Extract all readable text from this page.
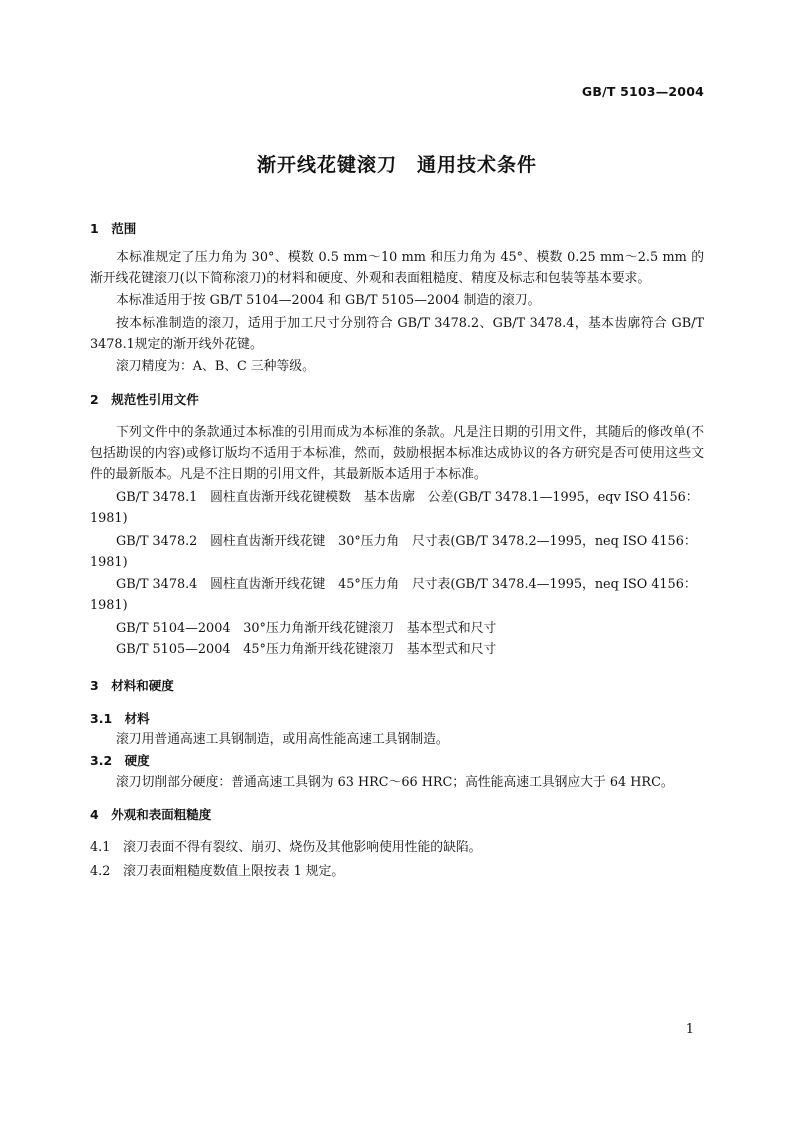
GB/T 5103—2004
渐开线花键滚刀　通用技术条件
1　范围
本标准规定了压力角为 30°、模数 0.5 mm～10 mm 和压力角为 45°、模数 0.25 mm～2.5 mm 的渐开线花键滚刀(以下简称滚刀)的材料和硬度、外观和表面粗糙度、精度及标志和包装等基本要求。
本标准适用于按 GB/T 5104—2004 和 GB/T 5105—2004 制造的滚刀。
按本标准制造的滚刀，适用于加工尺寸分别符合 GB/T 3478.2、GB/T 3478.4，基本齿廓符合 GB/T 3478.1规定的渐开线外花键。
滚刀精度为：A、B、C 三种等级。
2　规范性引用文件
下列文件中的条款通过本标准的引用而成为本标准的条款。凡是注日期的引用文件，其随后的修改单(不包括勘误的内容)或修订版均不适用于本标准，然而，鼓励根据本标准达成协议的各方研究是否可使用这些文件的最新版本。凡是不注日期的引用文件，其最新版本适用于本标准。
GB/T 3478.1　圆柱直齿渐开线花键模数　基本齿廓　公差(GB/T 3478.1—1995，eqv ISO 4156：1981)
GB/T 3478.2　圆柱直齿渐开线花键　30°压力角　尺寸表(GB/T 3478.2—1995，neq ISO 4156：1981)
GB/T 3478.4　圆柱直齿渐开线花键　45°压力角　尺寸表(GB/T 3478.4—1995，neq ISO 4156：1981)
GB/T 5104—2004　30°压力角渐开线花键滚刀　基本型式和尺寸
GB/T 5105—2004　45°压力角渐开线花键滚刀　基本型式和尺寸
3　材料和硬度
3.1　材料
滚刀用普通高速工具钢制造，或用高性能高速工具钢制造。
3.2　硬度
滚刀切削部分硬度：普通高速工具钢为 63 HRC～66 HRC；高性能高速工具钢应大于 64 HRC。
4　外观和表面粗糙度
4.1　滚刀表面不得有裂纹、崩刃、烧伤及其他影响使用性能的缺陷。
4.2　滚刀表面粗糙度数值上限按表 1 规定。
1
